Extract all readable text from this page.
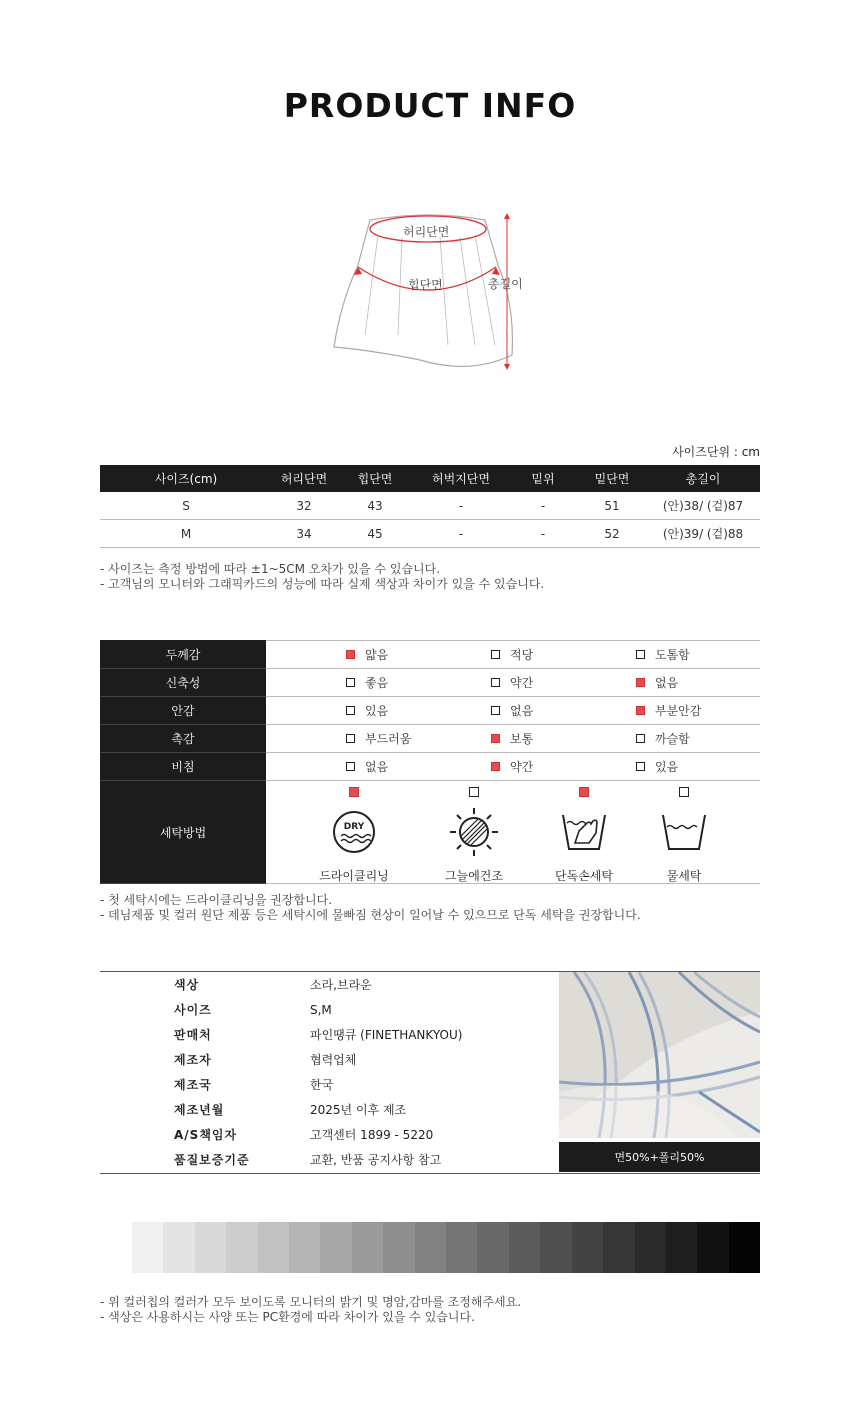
PRODUCT INFO
허리단면
힙단면	총길이
사이즈단위 : cm
사이즈(cm)	허리단면	힙단면	허벅지단면	밑위	밑단면	총길이
S	32	43	-	-	51	(안)38/ (겉)87
M	34	45	-	-	52	(안)39/ (겉)88
- 사이즈는 측정 방법에 따라 ±1~5CM 오차가 있을 수 있습니다.
- 고객님의 모니터와 그래픽카드의 성능에 따라 실제 색상과 차이가 있을 수 있습니다.
두께감	얇음 적당 도톰함

신축성	좋음 약간 없음

안감	있음 없음 부분안감

촉감	부드러움 보통 까슬함

비침	없음 약간 있음

세탁방법	DRY
드라이클리닝 그늘에건조 단독손세탁 물세탁
- 첫 세탁시에는 드라이클리닝을 권장합니다.
- 데님제품 및 컬러 원단 제품 등은 세탁시에 물빠짐 현상이 일어날 수 있으므로 단독 세탁을 권장합니다.
색상	소라,브라운
사이즈	S,M
판매처	파인땡큐 (FINETHANKYOU)
제조자	협력업체
제조국	한국
제조년월	2025년 이후 제조
A/S책임자	고객센터 1899 - 5220
품질보증기준	교환, 반품 공지사항 참고	면50%+폴리50%
- 위 컬러칩의 컬러가 모두 보이도록 모니터의 밝기 및 명암,감마를 조정해주세요.
- 색상은 사용하시는 사양 또는 PC환경에 따라 차이가 있을 수 있습니다.
